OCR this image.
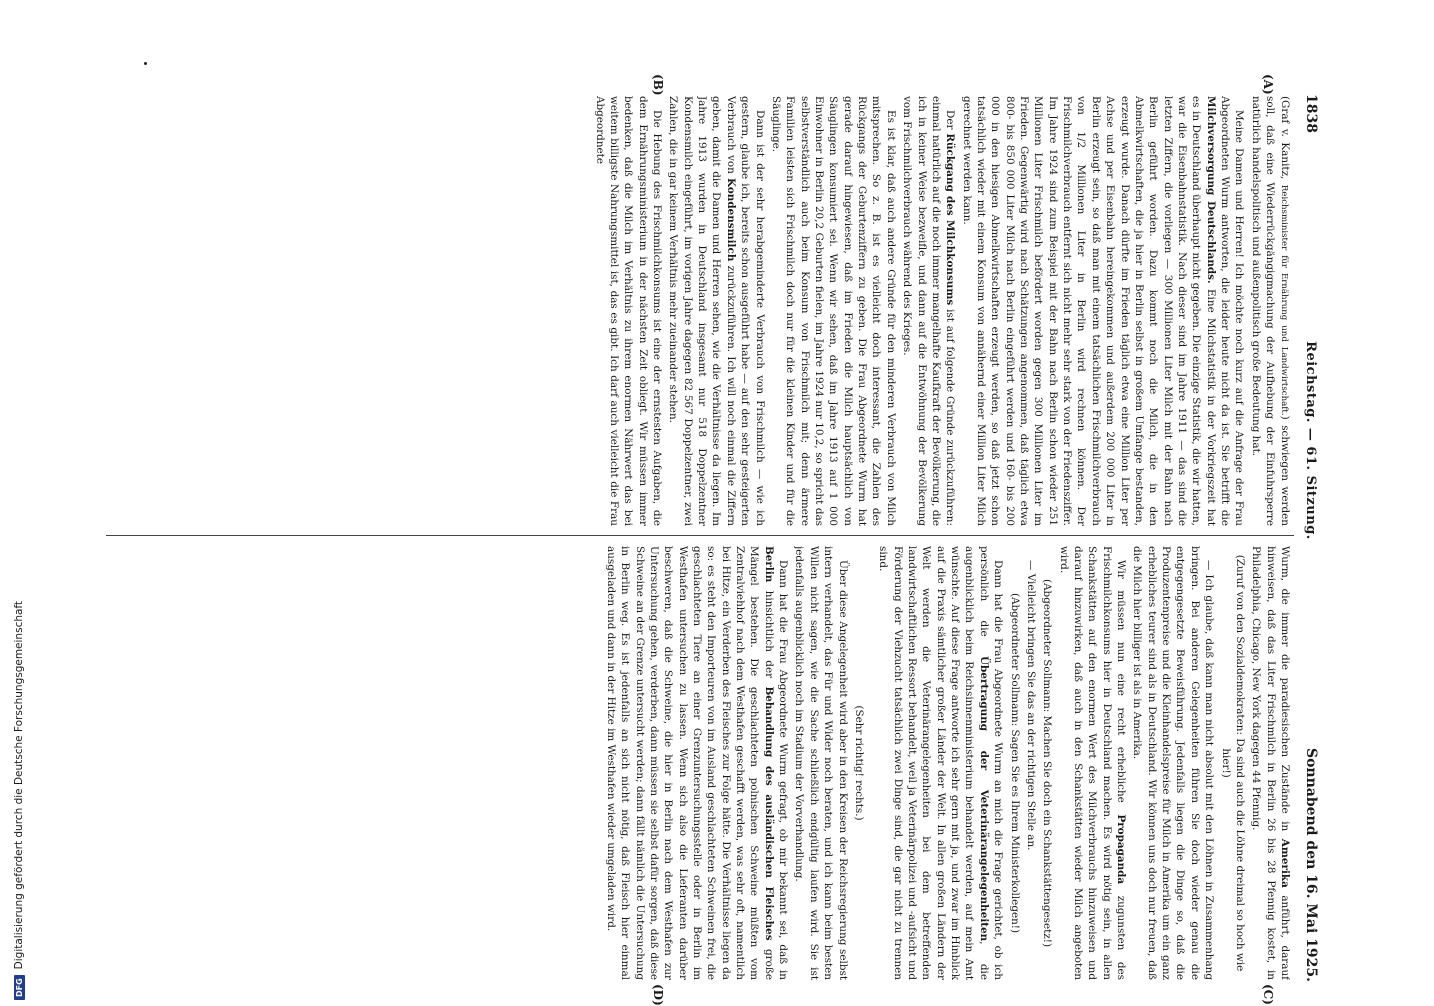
DFG
Digitalisierung gefördert durch die Deutsche Forschungsgemeinschaft
1838
Reichstag. — 61. Sitzung.
Sonnabend den 16. Mai 1925.
(A)
(B)
(C)
(D)

(Graf v. Kanitz, Reichsminister für Ernährung und Landwirtschaft.) schwiegen werden soll, daß eine Wiederrückgängigmachung der Aufhebung der Einfuhrsperre natürlich handelspolitisch und außenpolitisch große Bedeutung hat.

Meine Damen und Herren! Ich möchte noch kurz auf die Anfrage der Frau Abgeordneten Wurm antworten, die leider heute nicht da ist. Sie betrifft die Milchversorgung Deutschlands. Eine Milchstatistik in der Vorkriegszeit hat es in Deutschland überhaupt nicht gegeben. Die einzige Statistik, die wir hatten, war die Eisenbahnstatistik. Nach dieser sind im Jahre 1911 — das sind die letzten Ziffern, die vorliegen — 300 Millionen Liter Milch mit der Bahn nach Berlin geführt worden. Dazu kommt noch die Milch, die in den Abmelkwirtschaften, die ja hier in Berlin selbst in großem Umfange bestanden, erzeugt wurde. Danach dürfte im Frieden täglich etwa eine Million Liter per Achse und per Eisenbahn hereingekommen und außerdem 200 000 Liter in Berlin erzeugt sein, so daß man mit einem tatsächlichen Frischmilchverbrauch von 1/2 Millionen Liter in Berlin wird rechnen können. Der Frischmilchverbrauch entfernt sich nicht mehr sehr stark von der Friedensziffer. Im Jahre 1924 sind zum Beispiel mit der Bahn nach Berlin schon wieder 251 Millionen Liter Frischmilch befördert worden gegen 300 Millionen Liter im Frieden. Gegenwärtig wird nach Schätzungen angenommen, daß täglich etwa 800- bis 850 000 Liter Milch nach Berlin eingeführt werden und 160- bis 200 000 in den hiesigen Abmelkwirtschaften erzeugt werden, so daß jetzt schon tatsächlich wieder mit einem Konsum von annähernd einer Million Liter Milch gerechnet werden kann.

Der Rückgang des Milchkonsums ist auf folgende Gründe zurückzuführen: einmal natürlich auf die noch immer mangelhafte Kaufkraft der Bevölkerung, die ich in keiner Weise bezweifle, und dann auf die Entwöhnung der Bevölkerung vom Frischmilchverbrauch während des Krieges.

Es ist klar, daß auch andere Gründe für den minderen Verbrauch von Milch mitsprechen. So z. B. ist es vielleicht doch interessant, die Zahlen des Rückgangs der Geburtenziffern zu geben. Die Frau Abgeordnete Wurm hat gerade darauf hingewiesen, daß im Frieden die Milch hauptsächlich von Säuglingen konsumiert sei. Wenn wir sehen, daß im Jahre 1913 auf 1 000 Einwohner in Berlin 20,2 Geburten fielen, im Jahre 1924 nur 10,2, so spricht das selbstverständlich auch beim Konsum von Frischmilch mit; denn ärmere Familien leisten sich Frischmilch doch nur für die kleinen Kinder und für die Säuglinge.

Dann ist der sehr herabgeminderte Verbrauch von Frischmilch — wie ich gestern, glaube ich, bereits schon ausgeführt habe — auf den sehr gesteigerten Verbrauch von Kondensmilch zurückzuführen. Ich will noch einmal die Ziffern geben, damit die Damen und Herren sehen, wie die Verhältnisse da liegen. Im Jahre 1913 wurden in Deutschland insgesamt nur 518 Doppelzentner Kondensmilch eingeführt, im vorigen Jahre dagegen 82 567 Doppelzentner, zwei Zahlen, die in gar keinem Verhältnis mehr zueinander stehen.

Die Hebung des Frischmilchkonsums ist eine der ernstesten Aufgaben, die dem Ernährungsministerium in der nächsten Zeit obliegt. Wir müssen immer bedenken, daß die Milch im Verhältnis zu ihrem enormen Nährwert das bei weitem billigste Nahrungsmittel ist, das es gibt. Ich darf auch vielleicht die Frau Abgeordnete

Wurm, die immer die paradiesischen Zustände in Amerika anführt, darauf hinweisen, daß das Liter Frischmilch in Berlin 26 bis 28 Pfennig kostet, in Philadelphia, Chicago, New York dagegen 44 Pfennig.

(Zuruf von den Sozialdemokraten: Da sind auch die Löhne dreimal so hoch wie hier!)

— Ich glaube, daß kann man nicht absolut mit den Löhnen in Zusammenhang bringen. Bei anderen Gelegenheiten führen Sie doch wieder genau die entgegengesetzte Beweisführung. Jedenfalls liegen die Dinge so, daß die Produzentenpreise und die Kleinhandelspreise für Milch in Amerika um ein ganz erhebliches teurer sind als in Deutschland. Wir können uns doch nur freuen, daß die Milch hier billiger ist als in Amerika.

Wir müssen nun eine recht erhebliche Propaganda zugunsten des Frischmilchkonsums hier in Deutschland machen. Es wird nötig sein, in allen Schankstätten auf den enormen Wert des Milchverbrauchs hinzuweisen und darauf hinzuwirken, daß auch in den Schankstätten wieder Milch angeboten wird.

(Abgeordneter Sollmann: Machen Sie doch ein Schankstättengesetz!)

— Vielleicht bringen Sie das an der richtigen Stelle an.

(Abgeordneter Sollmann: Sagen Sie es Ihrem Ministerkollegen!)

Dann hat die Frau Abgeordnete Wurm an mich die Frage gerichtet, ob ich persönlich die Übertragung der Veterinärangelegenheiten, die augenblicklich beim Reichsinnenministerium behandelt werden, auf mein Amt wünschte. Auf diese Frage antworte ich sehr gern mit ja, und zwar im Hinblick auf die Praxis sämtlicher großer Länder der Welt. In allen großen Ländern der Welt werden die Veterinärangelegenheiten bei dem betreffenden landwirtschaftlichen Ressort behandelt, weil ja Veterinärpolizei und -aufsicht und Förderung der Viehzucht tatsächlich zwei Dinge sind, die gar nicht zu trennen sind.

(Sehr richtig! rechts.)

Über diese Angelegenheit wird aber in den Kreisen der Reichsregierung selbst intern verhandelt, das Für und Wider noch beraten, und ich kann beim besten Willen nicht sagen, wie die Sache schließlich endgültig laufen wird. Sie ist jedenfalls augenblicklich noch im Stadium der Vorverhandlung.

Dann hat die Frau Abgeordnete Wurm gefragt, ob mir bekannt sei, daß in Berlin hinsichtlich der Behandlung des ausländischen Fleisches große Mängel bestehen. Die geschlachteten polnischen Schweine müßten vom Zentralviehhof nach dem Westhafen geschafft werden, was sehr oft, namentlich bei Hitze, ein Verderben des Fleisches zur Folge hätte. Die Verhältnisse liegen da so: es steht den Importeuren von im Ausland geschlachteten Schweinen frei, die geschlachteten Tiere an einer Grenzuntersuchungsstelle oder in Berlin im Westhafen untersuchen zu lassen. Wenn sich also die Lieferanten darüber beschweren, daß die Schweine, die hier in Berlin nach dem Westhafen zur Untersuchung gehen, verderben, dann müssen sie selbst dafür sorgen, daß diese Schweine an der Grenze untersucht werden; dann fällt nämlich die Untersuchung in Berlin weg. Es ist jedenfalls an sich nicht nötig, daß Fleisch hier einmal ausgeladen und dann in der Hitze im Westhafen wieder umgeladen wird.
